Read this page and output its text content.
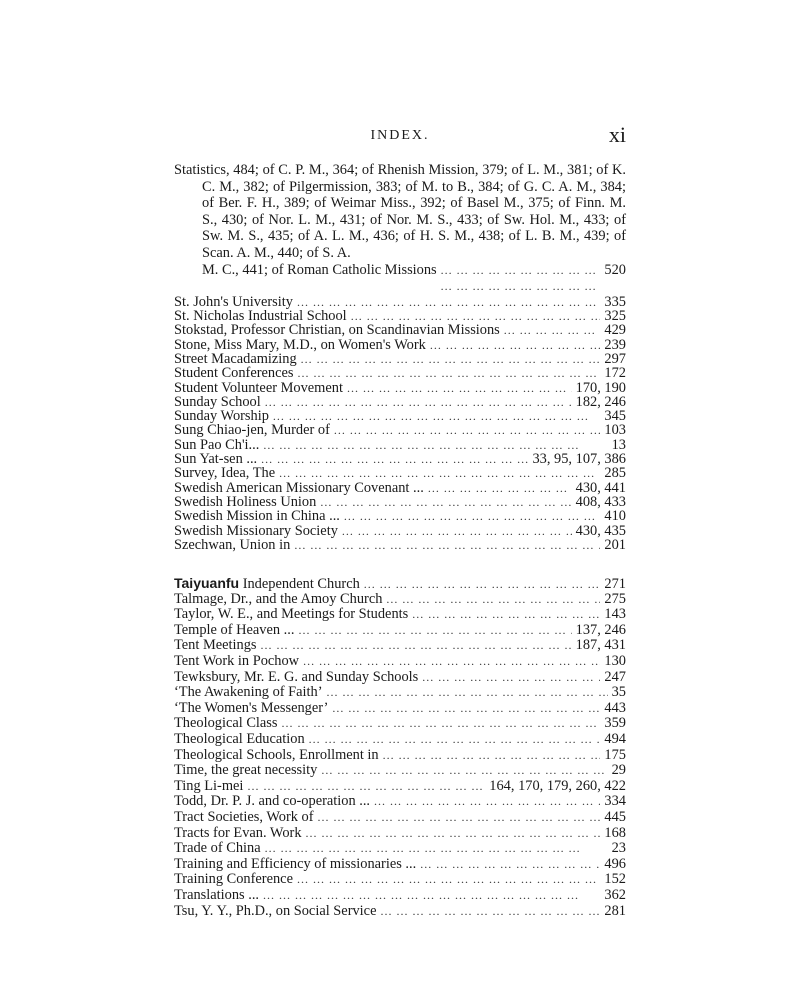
INDEX.	xi

Statistics, 484; of C. P. M., 364; of Rhenish Mission, 379; of L. M., 381; of K. C. M., 382; of Pilgermission, 383; of M. to B., 384; of G. C. A. M., 384; of Ber. F. H., 389; of Weimar Miss., 392; of Basel M., 375; of Finn. M. S., 430; of Nor. L. M., 431; of Nor. M. S., 433; of Sw. Hol. M., 433; of Sw. M. S., 435; of A. L. M., 436; of H. S. M., 438; of L. B. M., 439; of Scan. A. M., 440; of S. A.

M. C., 441; of Roman Catholic Missions ... .	520
St. John's University ... .	335
St. Nicholas Industrial School ... .	325
Stokstad, Professor Christian, on Scandinavian Missions ... .	429
Stone, Miss Mary, M.D., on Women's Work ... .	239
Street Macadamizing ... .	297
Student Conferences ... .	172
Student Volunteer Movement ... .	170, 190
Sunday School ... .	182, 246
Sunday Worship ... .	345
Sung Chiao-jen, Murder of ... .	103
Sun Pao Ch'i... ... .	13
Sun Yat-sen ... ... .	33, 95, 107, 386
Survey, Idea, The ... .	285
Swedish American Missionary Covenant ... ... .	430, 441
Swedish Holiness Union ... .	408, 433
Swedish Mission in China ... ... .	410
Swedish Missionary Society ... .	430, 435
Szechwan, Union in ... .	201
Taiyuanfu Independent Church ... .	271
Talmage, Dr., and the Amoy Church ... .	275
Taylor, W. E., and Meetings for Students ... .	143
Temple of Heaven ... ... .	137, 246
Tent Meetings ... .	187, 431
Tent Work in Pochow ... .	130
Tewksbury, Mr. E. G. and Sunday Schools ... .	247
‘The Awakening of Faith’ ... .	35
‘The Women's Messenger’ ... .	443
Theological Class ... .	359
Theological Education ... .	494
Theological Schools, Enrollment in ... .	175
Time, the great necessity ... .	29
Ting Li-mei ... .	164, 170, 179, 260, 422
Todd, Dr. P. J. and co-operation ... ... .	334
Tract Societies, Work of ... .	445
Tracts for Evan. Work ... .	168
Trade of China ... .	23
Training and Efficiency of missionaries ... ... .	496
Training Conference ... .	152
Translations ... ... .	362
Tsu, Y. Y., Ph.D., on Social Service ... .	281
